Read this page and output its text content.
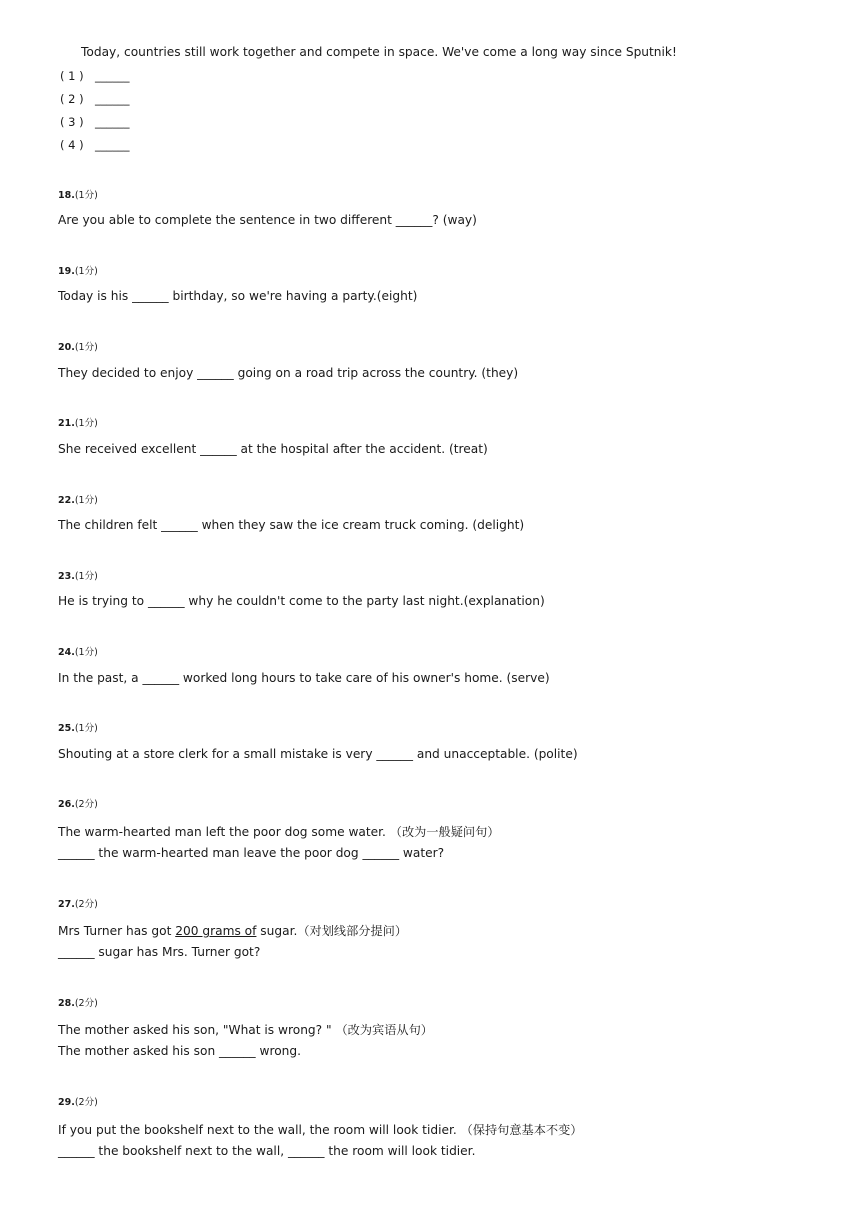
Today, countries still work together and compete in space. We've come a long way since Sputnik!

( 1 ) ______

( 2 ) ______

( 3 ) ______

( 4 ) ______

18.(1分)

Are you able to complete the sentence in two different ______? (way)

19.(1分)

Today is his ______ birthday, so we're having a party.(eight)

20.(1分)

They decided to enjoy ______ going on a road trip across the country. (they)

21.(1分)

She received excellent ______ at the hospital after the accident. (treat)

22.(1分)

The children felt ______ when they saw the ice cream truck coming. (delight)

23.(1分)

He is trying to ______ why he couldn't come to the party last night.(explanation)

24.(1分)

In the past, a ______ worked long hours to take care of his owner's home. (serve)

25.(1分)

Shouting at a store clerk for a small mistake is very ______ and unacceptable. (polite)

26.(2分)

The warm-hearted man left the poor dog some water. （改为一般疑问句）

______ the warm-hearted man leave the poor dog ______ water?

27.(2分)

Mrs Turner has got 200 grams of sugar.（对划线部分提问）

______ sugar has Mrs. Turner got?

28.(2分)

The mother asked his son, "What is wrong? " （改为宾语从句）

The mother asked his son ______ wrong.

29.(2分)

If you put the bookshelf next to the wall, the room will look tidier. （保持句意基本不变）

______ the bookshelf next to the wall, ______ the room will look tidier.
